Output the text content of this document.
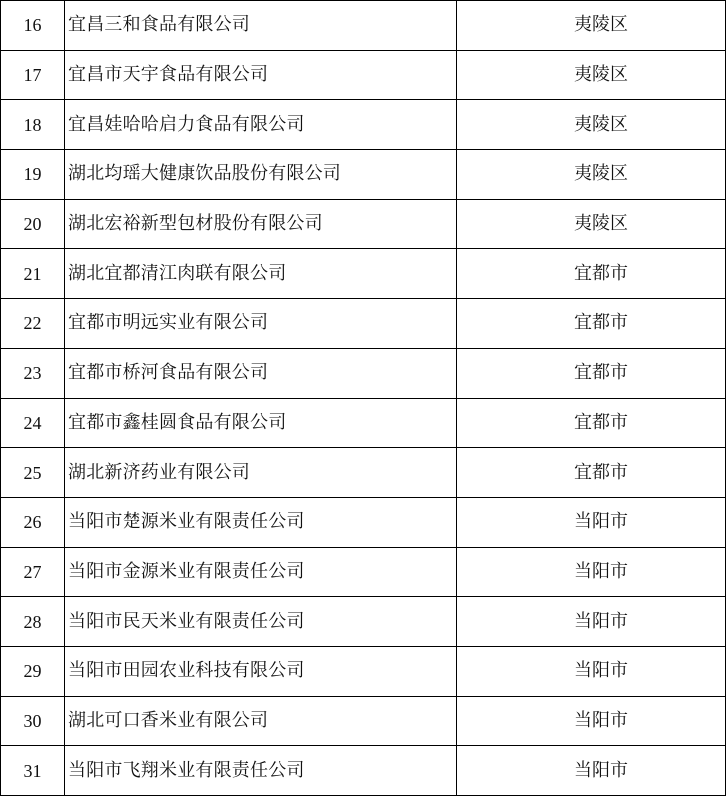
16	宜昌三和食品有限公司	夷陵区
17	宜昌市天宇食品有限公司	夷陵区
18	宜昌娃哈哈启力食品有限公司	夷陵区
19	湖北均瑶大健康饮品股份有限公司	夷陵区
20	湖北宏裕新型包材股份有限公司	夷陵区
21	湖北宜都清江肉联有限公司	宜都市
22	宜都市明远实业有限公司	宜都市
23	宜都市桥河食品有限公司	宜都市
24	宜都市鑫桂圆食品有限公司	宜都市
25	湖北新济药业有限公司	宜都市
26	当阳市楚源米业有限责任公司	当阳市
27	当阳市金源米业有限责任公司	当阳市
28	当阳市民天米业有限责任公司	当阳市
29	当阳市田园农业科技有限公司	当阳市
30	湖北可口香米业有限公司	当阳市
31	当阳市飞翔米业有限责任公司	当阳市
